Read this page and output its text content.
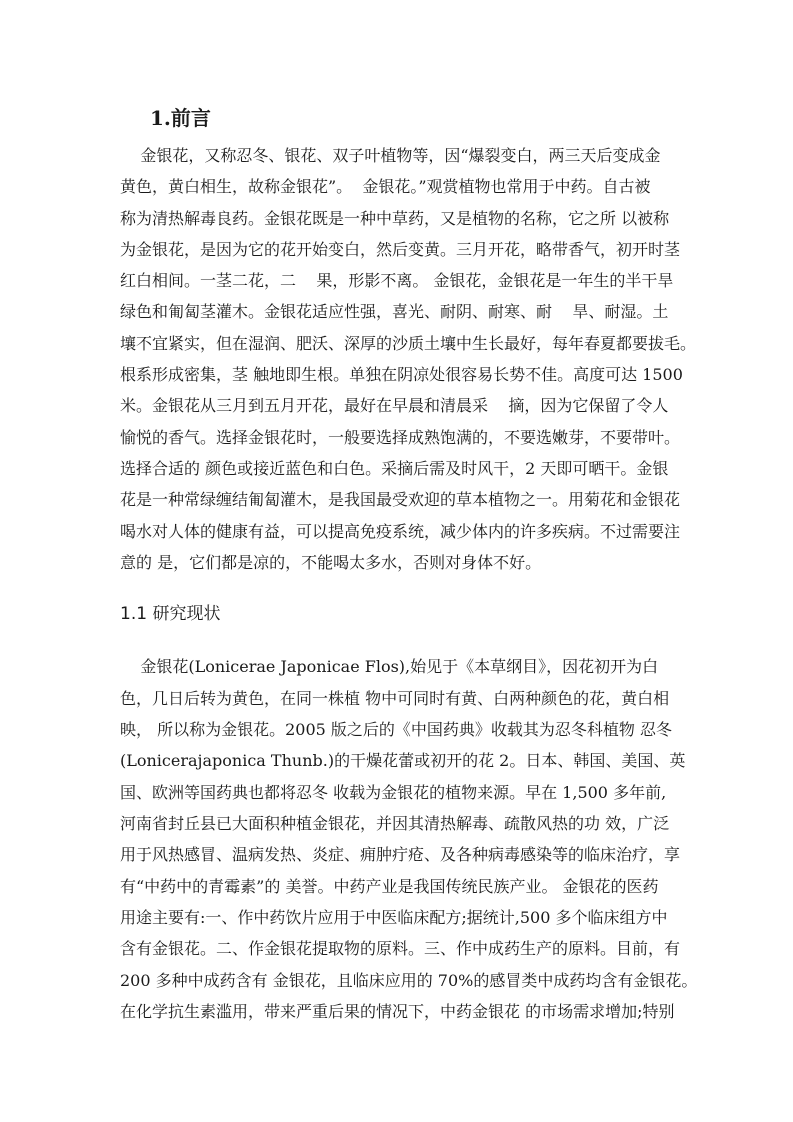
1.前言
金银花，又称忍冬、银花、双子叶植物等，因“爆裂变白，两三天后变成金
黄色，黄白相生，故称金银花”。  金银花。”观赏植物也常用于中药。自古被
称为清热解毒良药。金银花既是一种中草药，又是植物的名称，它之所 以被称
为金银花，是因为它的花开始变白，然后变黄。三月开花，略带香气，初开时茎
红白相间。一茎二花，二    果，形影不离。 金银花，金银花是一年生的半干旱
绿色和匍匐茎灌木。金银花适应性强，喜光、耐阴、耐寒、耐    旱、耐湿。土
壤不宜紧实，但在湿润、肥沃、深厚的沙质土壤中生长最好，每年春夏都要拔毛。
根系形成密集，茎 触地即生根。单独在阴凉处很容易长势不佳。高度可达 1500
米。金银花从三月到五月开花，最好在早晨和清晨采    摘，因为它保留了令人
愉悦的香气。选择金银花时，一般要选择成熟饱满的，不要选嫩芽，不要带叶。
选择合适的 颜色或接近蓝色和白色。采摘后需及时风干，2 天即可晒干。金银
花是一种常绿缠结匍匐灌木，是我国最受欢迎的草本植物之一。用菊花和金银花
喝水对人体的健康有益，可以提高免疫系统，减少体内的许多疾病。不过需要注
意的 是，它们都是凉的，不能喝太多水，否则对身体不好。
1.1 研究现状
金银花(Lonicerae Japonicae Flos),始见于《本草纲目》，因花初开为白
色，几日后转为黄色，在同一株植 物中可同时有黄、白两种颜色的花，黄白相
映， 所以称为金银花。2005 版之后的《中国药典》收载其为忍冬科植物 忍冬
(Lonicerajaponica Thunb.)的干燥花蕾或初开的花 2。日本、韩国、美国、英
国、欧洲等国药典也都将忍冬 收载为金银花的植物来源。早在 1,500 多年前,
河南省封丘县已大面积种植金银花，并因其清热解毒、疏散风热的功 效，广泛
用于风热感冒、温病发热、炎症、痈肿疔疮、及各种病毒感染等的临床治疗，享
有“中药中的青霉素”的 美誉。中药产业是我国传统民族产业。 金银花的医药
用途主要有:一、作中药饮片应用于中医临床配方;据统计,500 多个临床组方中
含有金银花。二、作金银花提取物的原料。三、作中成药生产的原料。目前，有
200 多种中成药含有 金银花，且临床应用的 70%的感冒类中成药均含有金银花。
在化学抗生素滥用，带来严重后果的情况下，中药金银花 的市场需求增加;特别
